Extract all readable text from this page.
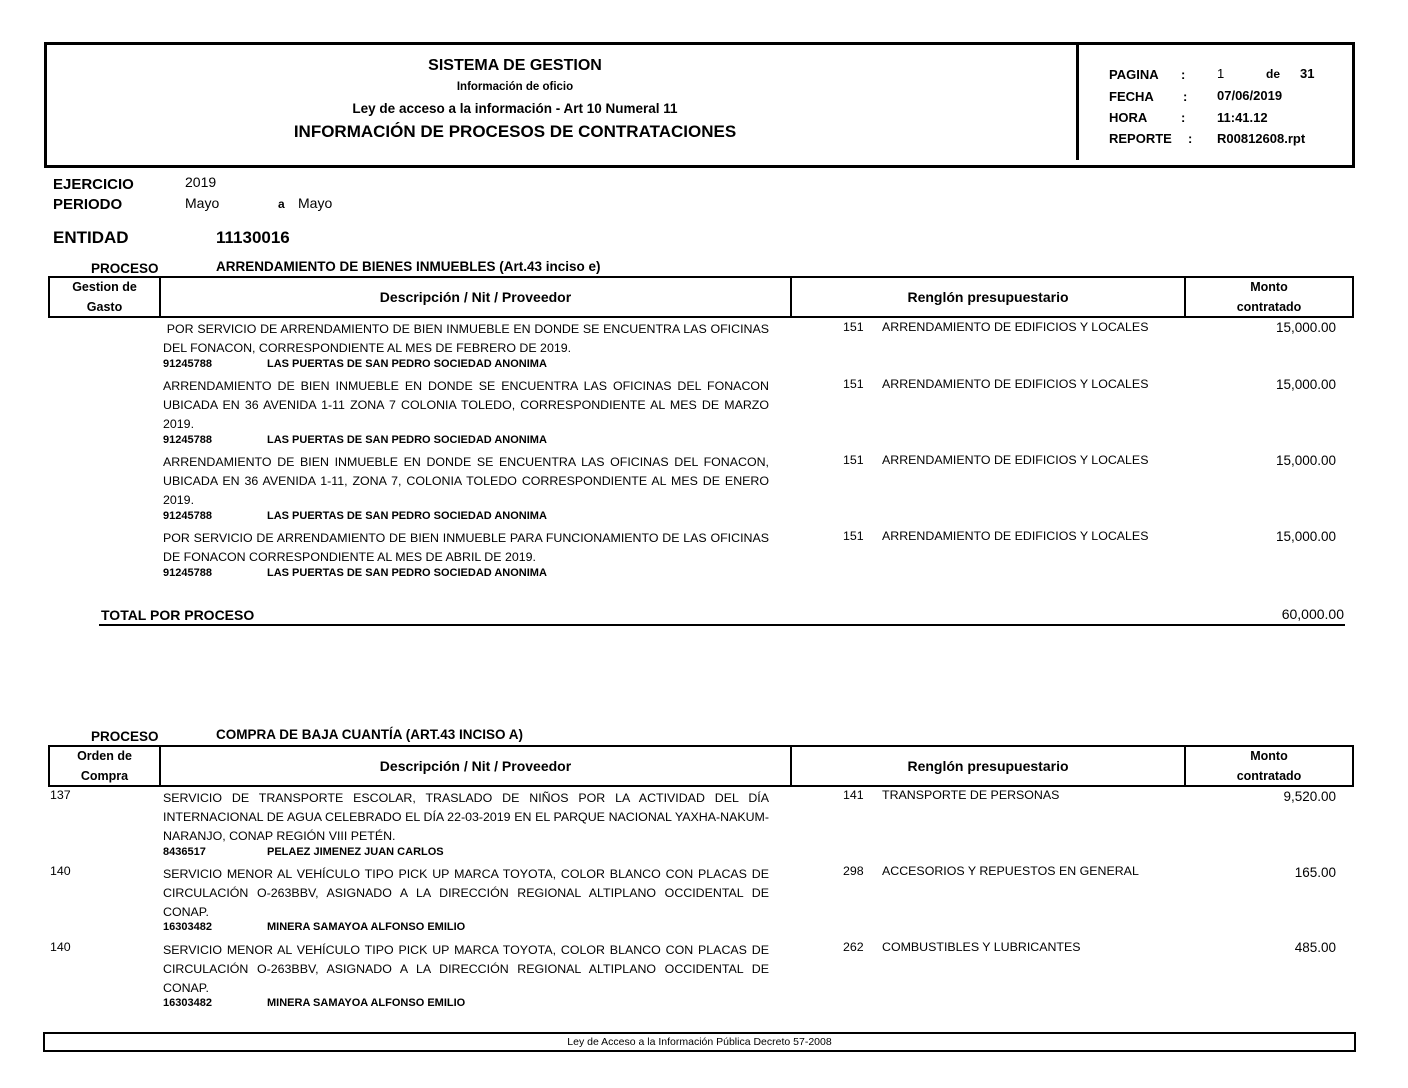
SISTEMA DE GESTION
Información de oficio
Ley de acceso a la información - Art 10 Numeral 11
INFORMACIÓN DE PROCESOS DE CONTRATACIONES
PAGINA : 1	de 31
FECHA : 07/06/2019
HORA	: 11:41.12
REPORTE : R00812608.rpt
EJERCICIO	2019
PERIODO	Mayo	a Mayo
ENTIDAD	11130016
PROCESO	ARRENDAMIENTO DE BIENES INMUEBLES (Art.43 inciso e)
Gestion de
Gasto
Descripción / Nit / Proveedor	Renglón presupuestario
Monto
contratado
POR SERVICIO DE ARRENDAMIENTO DE BIEN INMUEBLE EN DONDE SE ENCUENTRA LAS OFICINAS DEL FONACON, CORRESPONDIENTE AL MES DE FEBRERO DE 2019.
91245788	LAS PUERTAS DE SAN PEDRO SOCIEDAD ANONIMA
151 ARRENDAMIENTO DE EDIFICIOS Y LOCALES	15,000.00
ARRENDAMIENTO DE BIEN INMUEBLE EN DONDE SE ENCUENTRA LAS OFICINAS DEL FONACON UBICADA EN 36 AVENIDA 1-11 ZONA 7 COLONIA TOLEDO, CORRESPONDIENTE AL MES DE MARZO 2019.
91245788	LAS PUERTAS DE SAN PEDRO SOCIEDAD ANONIMA
151 ARRENDAMIENTO DE EDIFICIOS Y LOCALES	15,000.00
ARRENDAMIENTO DE BIEN INMUEBLE EN DONDE SE ENCUENTRA LAS OFICINAS DEL FONACON, UBICADA EN 36 AVENIDA 1-11, ZONA 7, COLONIA TOLEDO CORRESPONDIENTE AL MES DE ENERO 2019.
91245788	LAS PUERTAS DE SAN PEDRO SOCIEDAD ANONIMA
151 ARRENDAMIENTO DE EDIFICIOS Y LOCALES	15,000.00
POR SERVICIO DE ARRENDAMIENTO DE BIEN INMUEBLE PARA FUNCIONAMIENTO DE LAS OFICINAS DE FONACON CORRESPONDIENTE AL MES DE ABRIL DE 2019.
91245788	LAS PUERTAS DE SAN PEDRO SOCIEDAD ANONIMA
151 ARRENDAMIENTO DE EDIFICIOS Y LOCALES	15,000.00
TOTAL POR PROCESO	60,000.00
PROCESO	COMPRA DE BAJA CUANTÍA (ART.43 INCISO A)
Orden de
Compra
Descripción / Nit / Proveedor	Renglón presupuestario
Monto
contratado
137	SERVICIO DE TRANSPORTE ESCOLAR, TRASLADO DE NIÑOS POR LA ACTIVIDAD DEL DÍA INTERNACIONAL DE AGUA CELEBRADO EL DÍA 22-03-2019 EN EL PARQUE NACIONAL YAXHA-NAKUM-NARANJO, CONAP REGIÓN VIII PETÉN.
8436517	PELAEZ JIMENEZ JUAN CARLOS
141 TRANSPORTE DE PERSONAS	9,520.00
140	SERVICIO MENOR AL VEHÍCULO TIPO PICK UP MARCA TOYOTA, COLOR BLANCO CON PLACAS DE CIRCULACIÓN O-263BBV, ASIGNADO A LA DIRECCIÓN REGIONAL ALTIPLANO OCCIDENTAL DE CONAP.
16303482	MINERA SAMAYOA ALFONSO EMILIO
298 ACCESORIOS Y REPUESTOS EN GENERAL	165.00
140	SERVICIO MENOR AL VEHÍCULO TIPO PICK UP MARCA TOYOTA, COLOR BLANCO CON PLACAS DE CIRCULACIÓN O-263BBV, ASIGNADO A LA DIRECCIÓN REGIONAL ALTIPLANO OCCIDENTAL DE CONAP.
16303482	MINERA SAMAYOA ALFONSO EMILIO
262 COMBUSTIBLES Y LUBRICANTES	485.00
Ley de Acceso a la Información Pública Decreto 57-2008
